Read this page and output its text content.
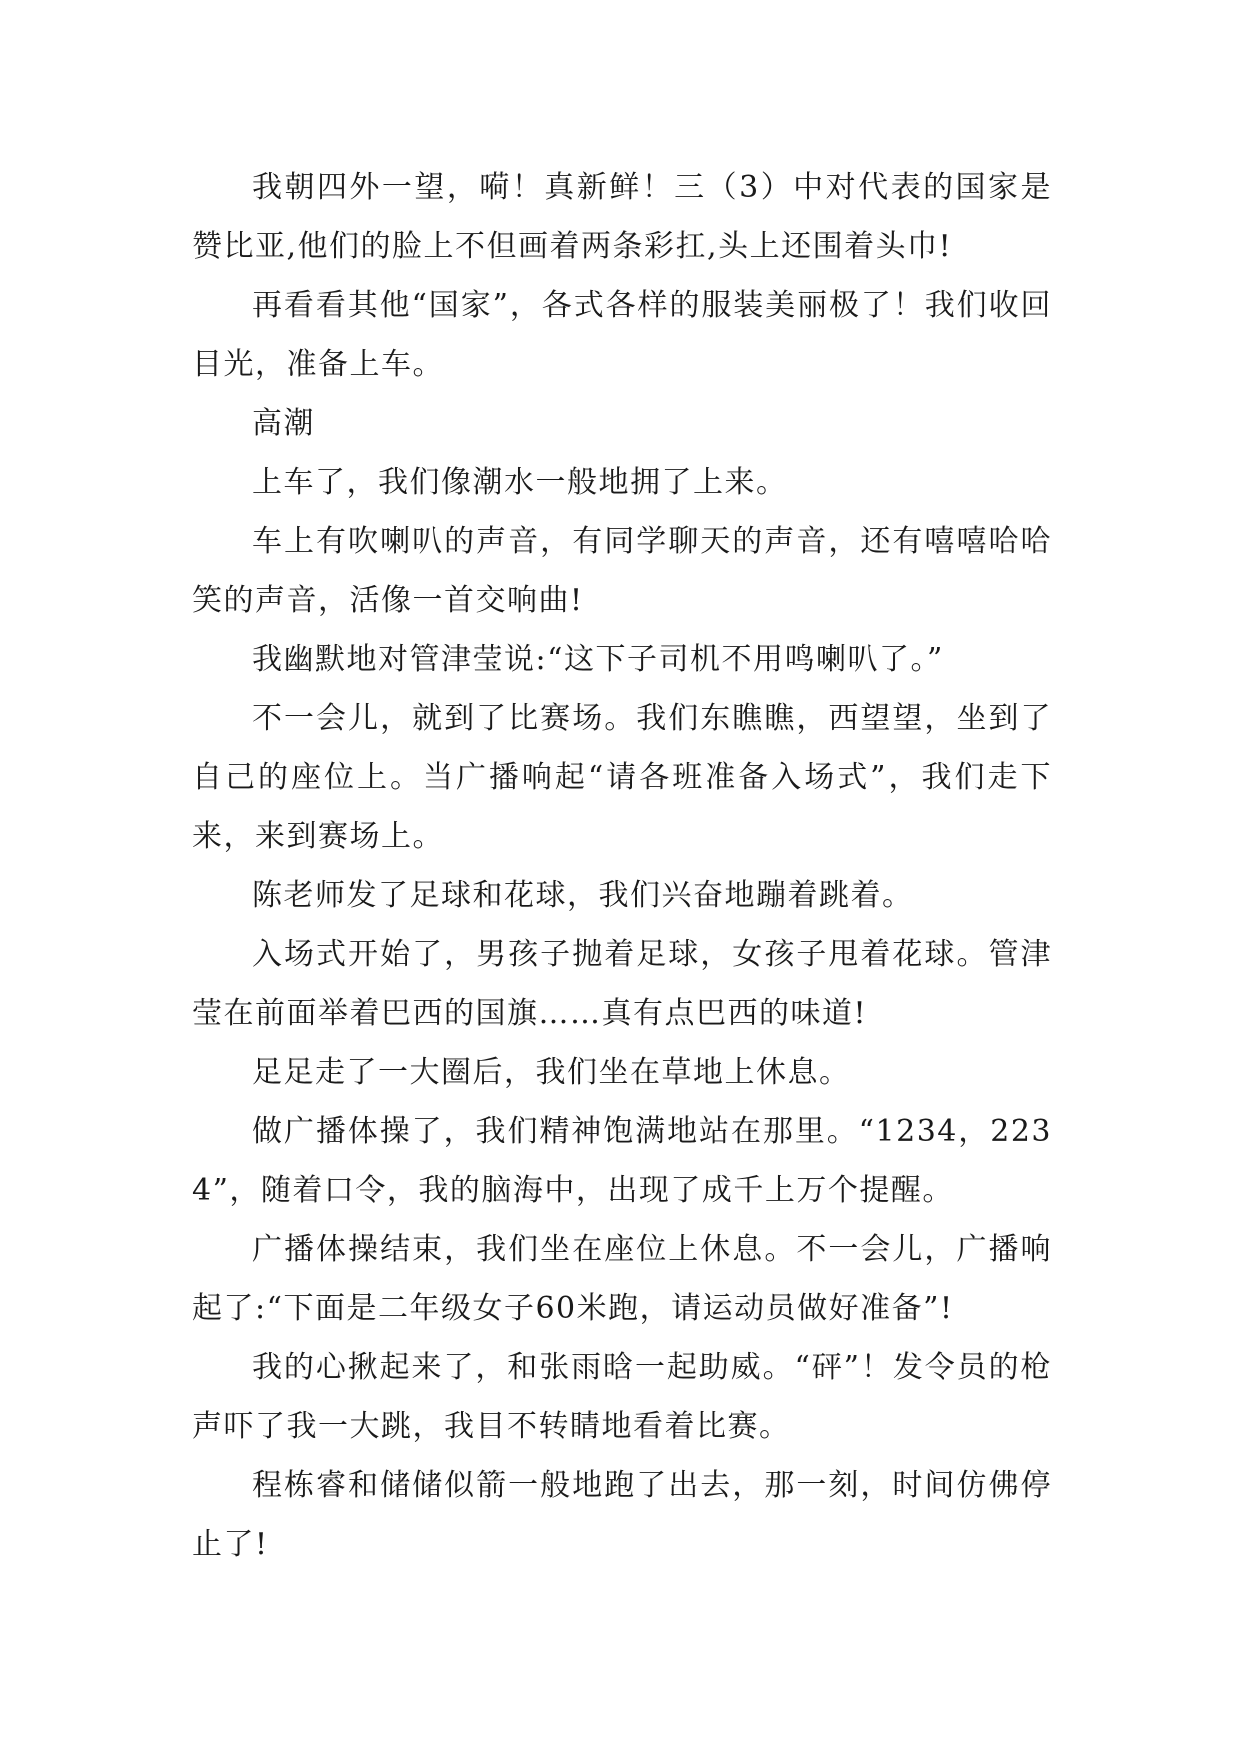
我朝四外一望，嗬！真新鲜！三（3）中对代表的国家是赞比亚,他们的脸上不但画着两条彩扛,头上还围着头巾!

再看看其他“国家”，各式各样的服装美丽极了！我们收回目光，准备上车。

高潮

上车了，我们像潮水一般地拥了上来。

车上有吹喇叭的声音，有同学聊天的声音，还有嘻嘻哈哈笑的声音，活像一首交响曲!

我幽默地对管津莹说:“这下子司机不用鸣喇叭了。”

不一会儿，就到了比赛场。我们东瞧瞧，西望望，坐到了自己的座位上。当广播响起“请各班准备入场式”，我们走下来，来到赛场上。

陈老师发了足球和花球，我们兴奋地蹦着跳着。

入场式开始了，男孩子抛着足球，女孩子甩着花球。管津莹在前面举着巴西的国旗……真有点巴西的味道!

足足走了一大圈后，我们坐在草地上休息。

做广播体操了，我们精神饱满地站在那里。“1234，2234”，随着口令，我的脑海中，出现了成千上万个提醒。

广播体操结束，我们坐在座位上休息。不一会儿，广播响起了:“下面是二年级女子60米跑，请运动员做好准备”!

我的心揪起来了，和张雨晗一起助威。“砰”！发令员的枪声吓了我一大跳，我目不转睛地看着比赛。

程栋睿和储储似箭一般地跑了出去，那一刻，时间仿佛停止了!
